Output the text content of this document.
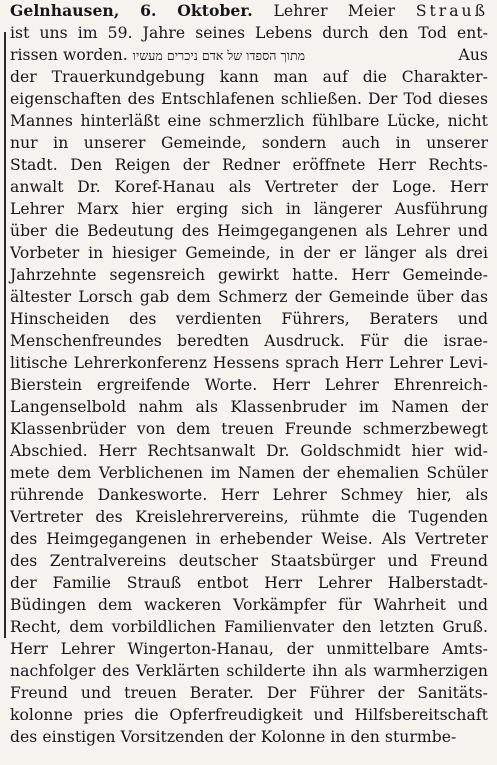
Gelnhausen, 6. Oktober. Lehrer Meier Strauß
ist uns im 59. Jahre seines Lebens durch den Tod ent-
rissen worden. מתוך הספדו של אדם ניכרים מעשיו	Aus
der Trauerkundgebung kann man auf die Charakter-
eigenschaften des Entschlafenen schließen. Der Tod dieses
Mannes hinterläßt eine schmerzlich fühlbare Lücke, nicht
nur in unserer Gemeinde, sondern auch in unserer
Stadt. Den Reigen der Redner eröffnete Herr Rechts-
anwalt Dr. Koref-Hanau als Vertreter der Loge. Herr
Lehrer Marx hier erging sich in längerer Ausführung
über die Bedeutung des Heimgegangenen als Lehrer und
Vorbeter in hiesiger Gemeinde, in der er länger als drei
Jahrzehnte segensreich gewirkt hatte. Herr Gemeinde-
ältester Lorsch gab dem Schmerz der Gemeinde über das
Hinscheiden des verdienten Führers, Beraters und
Menschenfreundes beredten Ausdruck. Für die israe-
litische Lehrerkonferenz Hessens sprach Herr Lehrer Levi-
Bierstein ergreifende Worte. Herr Lehrer Ehrenreich-
Langenselbold nahm als Klassenbruder im Namen der
Klassenbrüder von dem treuen Freunde schmerzbewegt
Abschied. Herr Rechtsanwalt Dr. Goldschmidt hier wid-
mete dem Verblichenen im Namen der ehemalien Schüler
rührende Dankesworte. Herr Lehrer Schmey hier, als
Vertreter des Kreislehrervereins, rühmte die Tugenden
des Heimgegangenen in erhebender Weise. Als Vertreter
des Zentralvereins deutscher Staatsbürger und Freund
der Familie Strauß entbot Herr Lehrer Halberstadt-
Büdingen dem wackeren Vorkämpfer für Wahrheit und
Recht, dem vorbildlichen Familienvater den letzten Gruß.
Herr Lehrer Wingerton-Hanau, der unmittelbare Amts-
nachfolger des Verklärten schilderte ihn als warmherzigen
Freund und treuen Berater. Der Führer der Sanitäts-
kolonne pries die Opferfreudigkeit und Hilfsbereitschaft
des einstigen Vorsitzenden der Kolonne in den sturmbe-
